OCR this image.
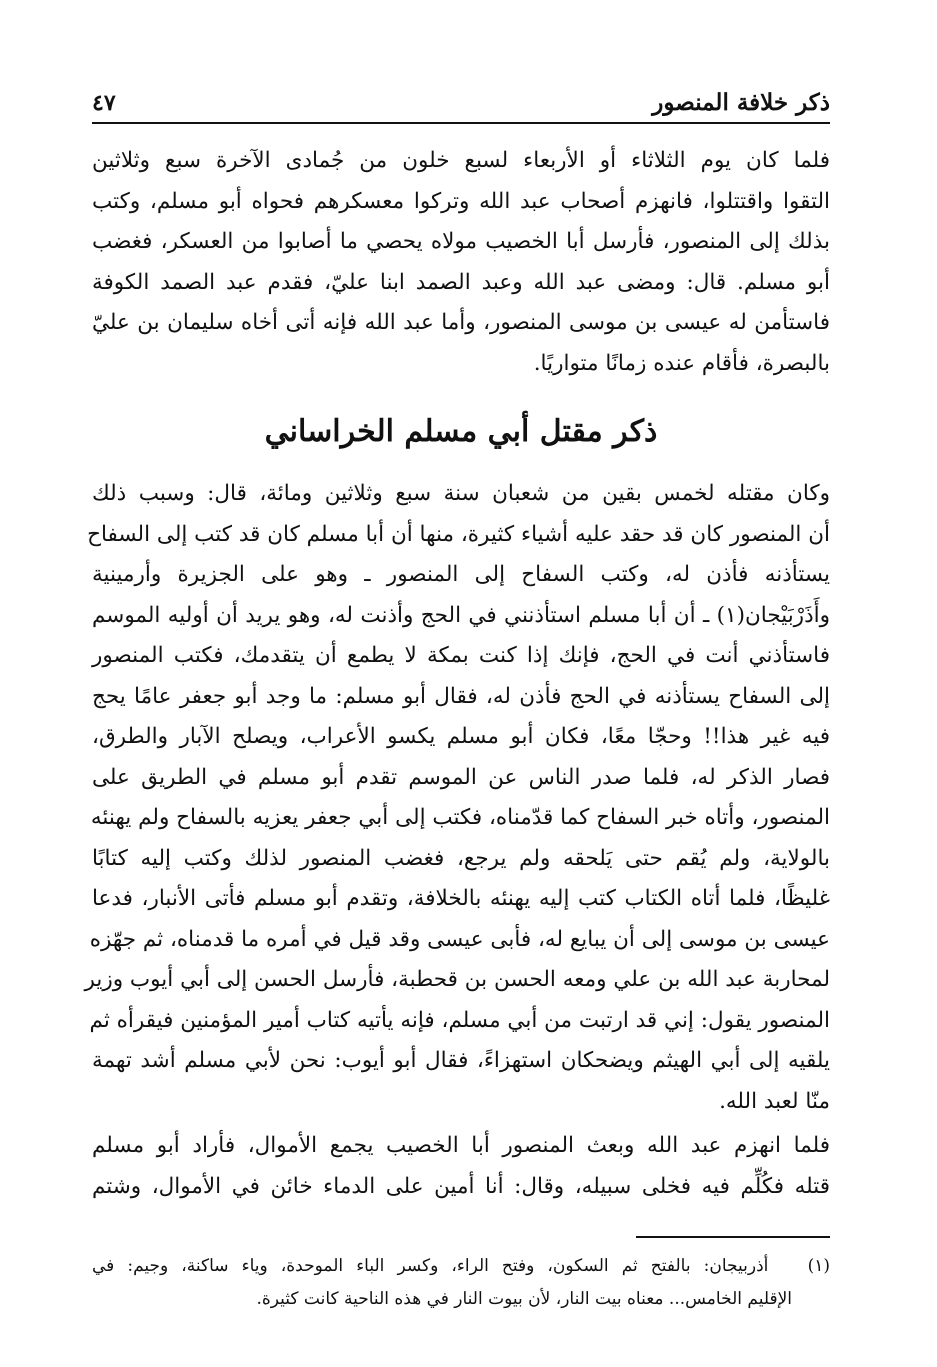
ذكر خلافة المنصور
٤٧
فلما كان يوم الثلاثاء أو الأربعاء لسبع خلون من جُمادى الآخرة سبع وثلاثين
التقوا واقتتلوا، فانهزم أصحاب عبد الله وتركوا معسكرهم فحواه أبو مسلم، وكتب
بذلك إلى المنصور، فأرسل أبا الخصيب مولاه يحصي ما أصابوا من العسكر، فغضب
أبو مسلم. قال: ومضى عبد الله وعبد الصمد ابنا عليّ، فقدم عبد الصمد الكوفة
فاستأمن له عيسى بن موسى المنصور، وأما عبد الله فإنه أتى أخاه سليمان بن عليّ
بالبصرة، فأقام عنده زمانًا متواريًا.
ذكر مقتل أبي مسلم الخراساني
وكان مقتله لخمس بقين من شعبان سنة سبع وثلاثين ومائة، قال: وسبب ذلك
أن المنصور كان قد حقد عليه أشياء كثيرة، منها أن أبا مسلم كان قد كتب إلى السفاح
يستأذنه فأذن له، وكتب السفاح إلى المنصور ـ وهو على الجزيرة وأرمينية
وأَذَرْبَيْجان(١) ـ أن أبا مسلم استأذنني في الحج وأذنت له، وهو يريد أن أوليه الموسم
فاستأذني أنت في الحج، فإنك إذا كنت بمكة لا يطمع أن يتقدمك، فكتب المنصور
إلى السفاح يستأذنه في الحج فأذن له، فقال أبو مسلم: ما وجد أبو جعفر عامًا يحج
فيه غير هذا!! وحجّا معًا، فكان أبو مسلم يكسو الأعراب، ويصلح الآبار والطرق،
فصار الذكر له، فلما صدر الناس عن الموسم تقدم أبو مسلم في الطريق على
المنصور، وأتاه خبر السفاح كما قدّمناه، فكتب إلى أبي جعفر يعزيه بالسفاح ولم يهنئه
بالولاية، ولم يُقم حتى يَلحقه ولم يرجع، فغضب المنصور لذلك وكتب إليه كتابًا
غليظًا، فلما أتاه الكتاب كتب إليه يهنئه بالخلافة، وتقدم أبو مسلم فأتى الأنبار، فدعا
عيسى بن موسى إلى أن يبايع له، فأبى عيسى وقد قيل في أمره ما قدمناه، ثم جهّزه
لمحاربة عبد الله بن علي ومعه الحسن بن قحطبة، فأرسل الحسن إلى أبي أيوب وزير
المنصور يقول: إني قد ارتبت من أبي مسلم، فإنه يأتيه كتاب أمير المؤمنين فيقرأه ثم
يلقيه إلى أبي الهيثم ويضحكان استهزاءً، فقال أبو أيوب: نحن لأبي مسلم أشد تهمة
منّا لعبد الله.
فلما انهزم عبد الله وبعث المنصور أبا الخصيب يجمع الأموال، فأراد أبو مسلم
قتله فكُلِّم فيه فخلى سبيله، وقال: أنا أمين على الدماء خائن في الأموال، وشتم
(١)   أذربيجان: بالفتح ثم السكون، وفتح الراء، وكسر الباء الموحدة، وياء ساكنة، وجيم: في
الإقليم الخامس... معناه بيت النار، لأن بيوت النار في هذه الناحية كانت كثيرة.
